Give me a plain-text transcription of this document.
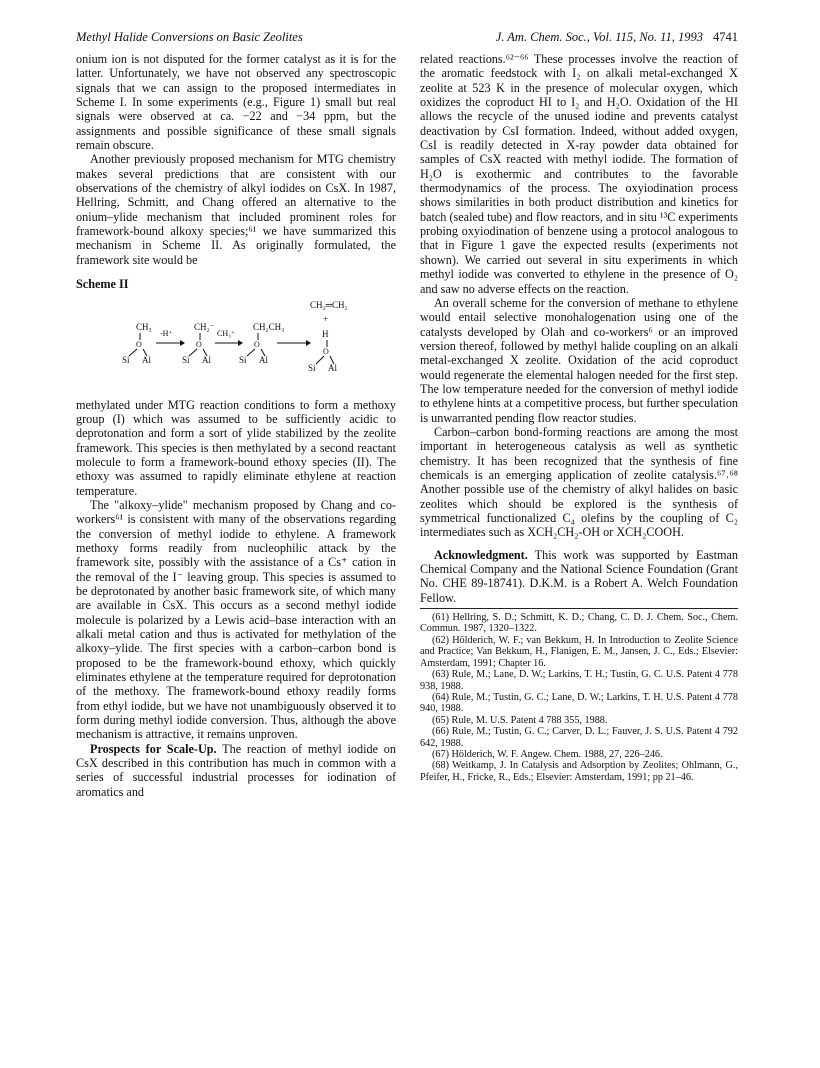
Methyl Halide Conversions on Basic Zeolites	J. Am. Chem. Soc., Vol. 115, No. 11, 1993 4741

onium ion is not disputed for the former catalyst as it is for the latter. Unfortunately, we have not observed any spectroscopic signals that we can assign to the proposed intermediates in Scheme I. In some experiments (e.g., Figure 1) small but real signals were observed at ca. −22 and −34 ppm, but the assignments and possible significance of these small signals remain obscure.

Another previously proposed mechanism for MTG chemistry makes several predictions that are consistent with our observations of the chemistry of alkyl iodides on CsX. In 1987, Hellring, Schmitt, and Chang offered an alternative to the onium–ylide mechanism that included prominent roles for framework-bound alkoxy species;⁶¹ we have summarized this mechanism in Scheme II. As originally formulated, the framework site would be

Scheme II
CH₃
O
Si Al
CH₂⁻
O
Si Al
CH₂CH₃
O
Si Al
CH₂═CH₂
+
H
O
Si Al
-H⁺	CH₃⁺

methylated under MTG reaction conditions to form a methoxy group (I) which was assumed to be sufficiently acidic to deprotonation and form a sort of ylide stabilized by the zeolite framework. This species is then methylated by a second reactant molecule to form a framework-bound ethoxy species (II). The ethoxy was assumed to rapidly eliminate ethylene at reaction temperature.

The "alkoxy–ylide" mechanism proposed by Chang and co-workers⁶¹ is consistent with many of the observations regarding the conversion of methyl iodide to ethylene. A framework methoxy forms readily from nucleophilic attack by the framework site, possibly with the assistance of a Cs⁺ cation in the removal of the I⁻ leaving group. This species is assumed to be deprotonated by another basic framework site, of which many are available in CsX. This occurs as a second methyl iodide molecule is polarized by a Lewis acid–base interaction with an alkali metal cation and thus is activated for methylation of the alkoxy–ylide. The first species with a carbon–carbon bond is proposed to be the framework-bound ethoxy, which quickly eliminates ethylene at the temperature required for deprotonation of the methoxy. The framework-bound ethoxy readily forms from ethyl iodide, but we have not unambiguously observed it to form during methyl iodide conversion. Thus, although the above mechanism is attractive, it remains unproven.

Prospects for Scale-Up. The reaction of methyl iodide on CsX described in this contribution has much in common with a series of successful industrial processes for iodination of aromatics and

related reactions.⁶²⁻⁶⁶ These processes involve the reaction of the aromatic feedstock with I₂ on alkali metal-exchanged X zeolite at 523 K in the presence of molecular oxygen, which oxidizes the coproduct HI to I₂ and H₂O. Oxidation of the HI allows the recycle of the unused iodine and prevents catalyst deactivation by CsI formation. Indeed, without added oxygen, CsI is readily detected in X-ray powder data obtained for samples of CsX reacted with methyl iodide. The formation of H₂O is exothermic and contributes to the favorable thermodynamics of the process. The oxyiodination process shows similarities in both product distribution and kinetics for batch (sealed tube) and flow reactors, and in situ ¹³C experiments probing oxyiodination of benzene using a protocol analogous to that in Figure 1 gave the expected results (experiments not shown). We carried out several in situ experiments in which methyl iodide was converted to ethylene in the presence of O₂ and saw no adverse effects on the reaction.

An overall scheme for the conversion of methane to ethylene would entail selective monohalogenation using one of the catalysts developed by Olah and co-workers⁶ or an improved version thereof, followed by methyl halide coupling on an alkali metal-exchanged X zeolite. Oxidation of the acid coproduct would regenerate the elemental halogen needed for the first step. The low temperature needed for the conversion of methyl iodide to ethylene hints at a competitive process, but further speculation is unwarranted pending flow reactor studies.

Carbon–carbon bond-forming reactions are among the most important in heterogeneous catalysis as well as synthetic chemistry. It has been recognized that the synthesis of fine chemicals is an emerging application of zeolite catalysis.⁶⁷˒⁶⁸ Another possible use of the chemistry of alkyl halides on basic zeolites which should be explored is the synthesis of symmetrical functionalized C₄ olefins by the coupling of C₂ intermediates such as XCH₂CH₂-OH or XCH₂COOH.

Acknowledgment. This work was supported by Eastman Chemical Company and the National Science Foundation (Grant No. CHE 89-18741). D.K.M. is a Robert A. Welch Foundation Fellow.

(61) Hellring, S. D.; Schmitt, K. D.; Chang, C. D. J. Chem. Soc., Chem. Commun. 1987, 1320–1322.

(62) Hölderich, W. F.; van Bekkum, H. In Introduction to Zeolite Science and Practice; Van Bekkum, H., Flanigen, E. M., Jansen, J. C., Eds.; Elsevier: Amsterdam, 1991; Chapter 16.

(63) Rule, M.; Lane, D. W.; Larkins, T. H.; Tustin, G. C. U.S. Patent 4 778 938, 1988.

(64) Rule, M.; Tustin, G. C.; Lane, D. W.; Larkins, T. H. U.S. Patent 4 778 940, 1988.

(65) Rule, M. U.S. Patent 4 788 355, 1988.

(66) Rule, M.; Tustin, G. C.; Carver, D. L.; Fauver, J. S. U.S. Patent 4 792 642, 1988.

(67) Hölderich, W. F. Angew. Chem. 1988, 27, 226–246.

(68) Weitkamp, J. In Catalysis and Adsorption by Zeolites; Ohlmann, G., Pfeifer, H., Fricke, R., Eds.; Elsevier: Amsterdam, 1991; pp 21–46.
